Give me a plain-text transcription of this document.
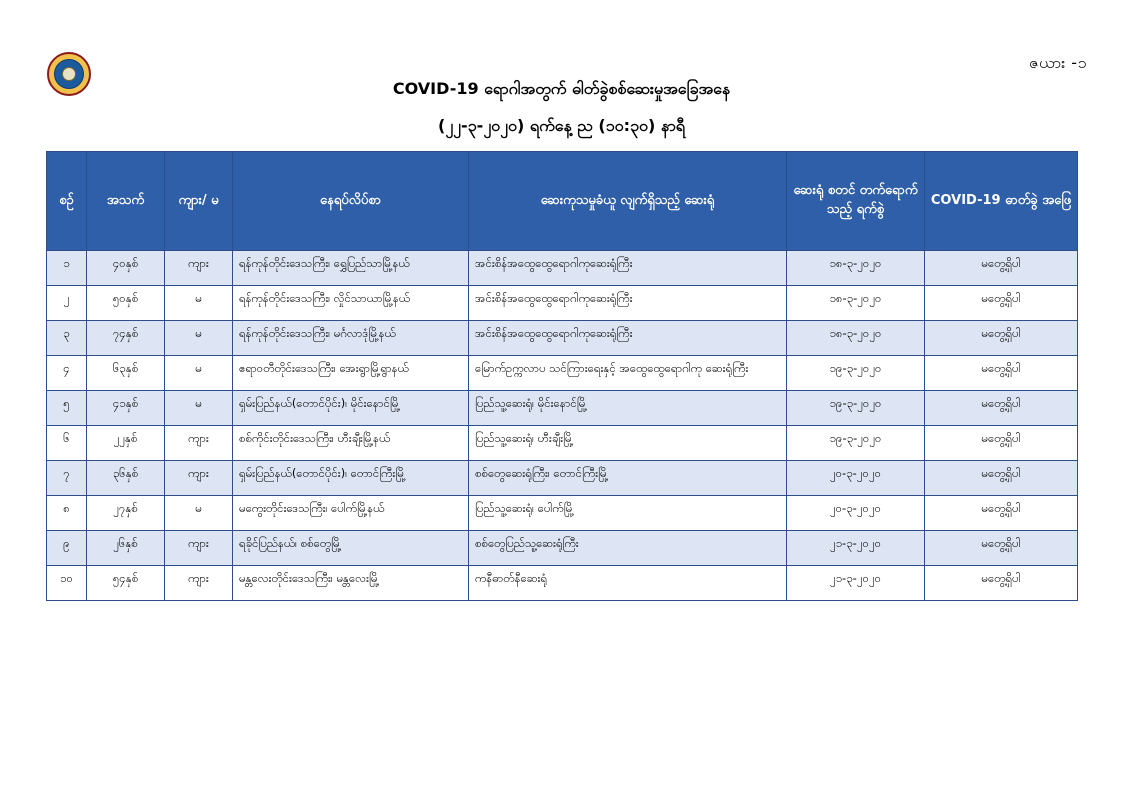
ဇယား -၁
COVID-19 ရောဂါအတွက် ဓါတ်ခွဲစစ်ဆေးမှုအခြေအနေ
(၂၂-၃-၂၀၂၀) ရက်နေ့ ည (၁၀:၃၀) နာရီ
စဉ်	အသက်	ကျား/ မ	နေရပ်လိပ်စာ	ဆေးကုသမှုခံယူ လျက်ရှိသည့် ဆေးရုံ	ဆေးရုံ စတင် တက်ရောက်သည့် ရက်စွဲ	COVID-19 ဓာတ်ခွဲ အဖြေ
၁	၄၀နှစ်	ကျား	ရန်ကုန်တိုင်းဒေသကြီး၊ ရွှေပြည်သာမြို့နယ်	အင်းစိန်အထွေထွေရောဂါကုဆေးရုံကြီး	၁၈-၃-၂၀၂၀	မတွေ့ရှိပါ
၂	၅၀နှစ်	မ	ရန်ကုန်တိုင်းဒေသကြီး၊ လှိုင်သာယာမြို့နယ်	အင်းစိန်အထွေထွေရောဂါကုဆေးရုံကြီး	၁၈-၃-၂၀၂၀	မတွေ့ရှိပါ
၃	၇၄နှစ်	မ	ရန်ကုန်တိုင်းဒေသကြီး၊ မင်္ဂလာဒုံမြို့နယ်	အင်းစိန်အထွေထွေရောဂါကုဆေးရုံကြီး	၁၈-၃-၂၀၂၀	မတွေ့ရှိပါ
၄	၆၃နှစ်	မ	ဧရာဝတီတိုင်းဒေသကြီး၊ အေးရွာမြို့ရွာနယ်	မြောက်ဥက္ကလာပ သင်ကြားရေးနှင့် အထွေထွေရောဂါကု ဆေးရုံကြီး	၁၉-၃-၂၀၂၀	မတွေ့ရှိပါ
၅	၄၁နှစ်	မ	ရှမ်းပြည်နယ်(တောင်ပိုင်း)၊ မိုင်းနောင်မြို့	ပြည်သူ့ဆေးရုံ၊ မိုင်းနောင်မြို့	၁၉-၃-၂၀၂၀	မတွေ့ရှိပါ
၆	၂၂နှစ်	ကျား	စစ်ကိုင်းတိုင်းဒေသကြီး၊ ဟီးချီးမြို့နယ်	ပြည်သူ့ဆေးရုံ၊ ဟီးချီးမြို့	၁၉-၃-၂၀၂၀	မတွေ့ရှိပါ
၇	၃၆နှစ်	ကျား	ရှမ်းပြည်နယ်(တောင်ပိုင်း)၊ တောင်ကြီးမြို့	စစ်တွေဆေးရုံကြီး၊ တောင်ကြီးမြို့	၂၀-၃-၂၀၂၀	မတွေ့ရှိပါ
၈	၂၇နှစ်	မ	မကွေးတိုင်းဒေသကြီး၊ ပေါက်မြို့နယ်	ပြည်သူ့ဆေးရုံ၊ ပေါက်မြို့	၂၀-၃-၂၀၂၀	မတွေ့ရှိပါ
၉	၂၆နှစ်	ကျား	ရခိုင်ပြည်နယ်၊ စစ်တွေမြို့	စစ်တွေပြည်သူ့ဆေးရုံကြီး	၂၁-၃-၂၀၂၀	မတွေ့ရှိပါ
၁၀	၅၄နှစ်	ကျား	မန္တလေးတိုင်းဒေသကြီး၊ မန္တလေးမြို့	ကနီဓာတ်နီဆေးရုံ	၂၁-၃-၂၀၂၀	မတွေ့ရှိပါ
